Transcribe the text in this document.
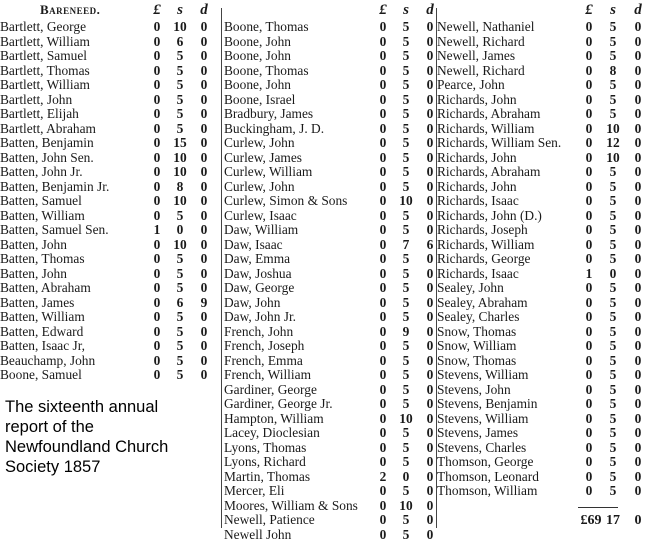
Bareneed.	£ s d
Bartlett, George	0 10 0
Bartlett, William	0 6 0
Bartlett, Samuel	0 5 0
Bartlett, Thomas	0 5 0
Bartlett, William	0 5 0
Bartlett, John	0 5 0
Bartlett, Elijah	0 5 0
Bartlett, Abraham	0 5 0
Batten, Benjamin	0 15 0
Batten, John Sen.	0 10 0
Batten, John Jr.	0 10 0
Batten, Benjamin Jr.	0 8 0
Batten, Samuel	0 10 0
Batten, William	0 5 0
Batten, Samuel Sen.	1 0 0
Batten, John	0 10 0
Batten, Thomas	0 5 0
Batten, John	0 5 0
Batten, Abraham	0 5 0
Batten, James	0 6 9
Batten, William	0 5 0
Batten, Edward	0 5 0
Batten, Isaac Jr,	0 5 0
Beauchamp, John	0 5 0
Boone, Samuel	0 5 0
£ s d
Boone, Thomas	0 5 0
Boone, John	0 5 0
Boone, John	0 5 0
Boone, Thomas	0 5 0
Boone, John	0 5 0
Boone, Israel	0 5 0
Bradbury, James	0 5 0
Buckingham, J. D.	0 5 0
Curlew, John	0 5 0
Curlew, James	0 5 0
Curlew, William	0 5 0
Curlew, John	0 5 0
Curlew, Simon & Sons	0 10 0
Curlew, Isaac	0 5 0
Daw, William	0 5 0
Daw, Isaac	0 7 6
Daw, Emma	0 5 0
Daw, Joshua	0 5 0
Daw, George	0 5 0
Daw, John	0 5 0
Daw, John Jr.	0 5 0
French, John	0 9 0
French, Joseph	0 5 0
French, Emma	0 5 0
French, William	0 5 0
Gardiner, George	0 5 0
Gardiner, George Jr.	0 5 0
Hampton, William	0 10 0
Lacey, Dioclesian	0 5 0
Lyons, Thomas	0 5 0
Lyons, Richard	0 5 0
Martin, Thomas	2 0 0
Mercer, Eli	0 5 0
Moores, William & Sons	0 10 0
Newell, Patience	0 5 0
Newell John	0 5 0
£ s d
Newell, Nathaniel	0 5 0
Newell, Richard	0 5 0
Newell, James	0 5 0
Newell, Richard	0 8 0
Pearce, John	0 5 0
Richards, John	0 5 0
Richards, Abraham	0 5 0
Richards, William	0 10 0
Richards, William Sen.	0 12 0
Richards, John	0 10 0
Richards, Abraham	0 5 0
Richards, John	0 5 0
Richards, Isaac	0 5 0
Richards, John (D.)	0 5 0
Richards, Joseph	0 5 0
Richards, William	0 5 0
Richards, George	0 5 0
Richards, Isaac	1 0 0
Sealey, John	0 5 0
Sealey, Abraham	0 5 0
Sealey, Charles	0 5 0
Snow, Thomas	0 5 0
Snow, William	0 5 0
Snow, Thomas	0 5 0
Stevens, William	0 5 0
Stevens, John	0 5 0
Stevens, Benjamin	0 5 0
Stevens, William	0 5 0
Stevens, James	0 5 0
Stevens, Charles	0 5 0
Thomson, George	0 5 0
Thomson, Leonard	0 5 0
Thomson, William	0 5 0
£69 17 0
The sixteenth annual
report of the
Newfoundland Church
Society 1857
